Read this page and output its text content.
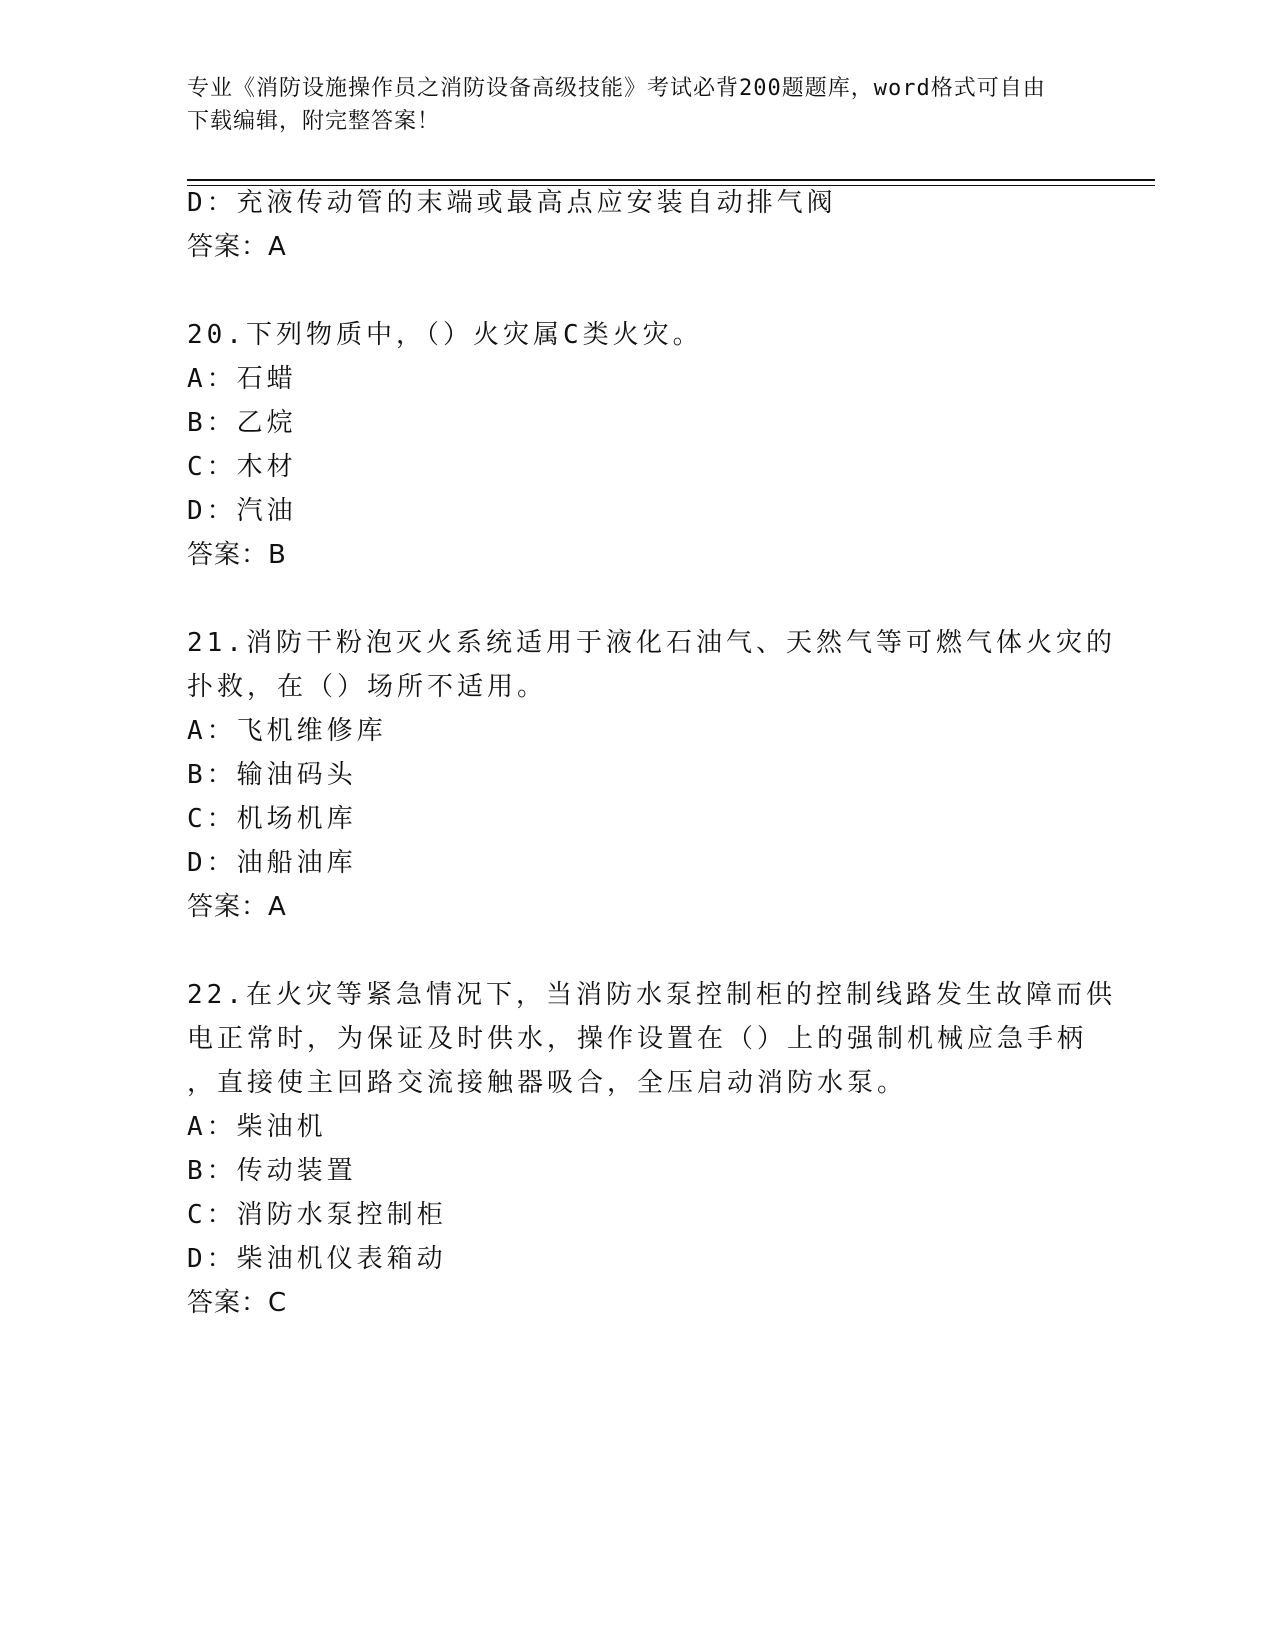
专业《消防设施操作员之消防设备高级技能》考试必背200题题库，word格式可自由下载编辑，附完整答案！
D：充液传动管的末端或最高点应安装自动排气阀
答案：A
20.下列物质中，（）火灾属C类火灾。
A：石蜡
B：乙烷
C：木材
D：汽油
答案：B
21.消防干粉泡灭火系统适用于液化石油气、天然气等可燃气体火灾的
扑救，在（）场所不适用。
A：飞机维修库
B：输油码头
C：机场机库
D：油船油库
答案：A
22.在火灾等紧急情况下，当消防水泵控制柜的控制线路发生故障而供
电正常时，为保证及时供水，操作设置在（）上的强制机械应急手柄
，直接使主回路交流接触器吸合，全压启动消防水泵。
A：柴油机
B：传动装置
C：消防水泵控制柜
D：柴油机仪表箱动
答案：C
